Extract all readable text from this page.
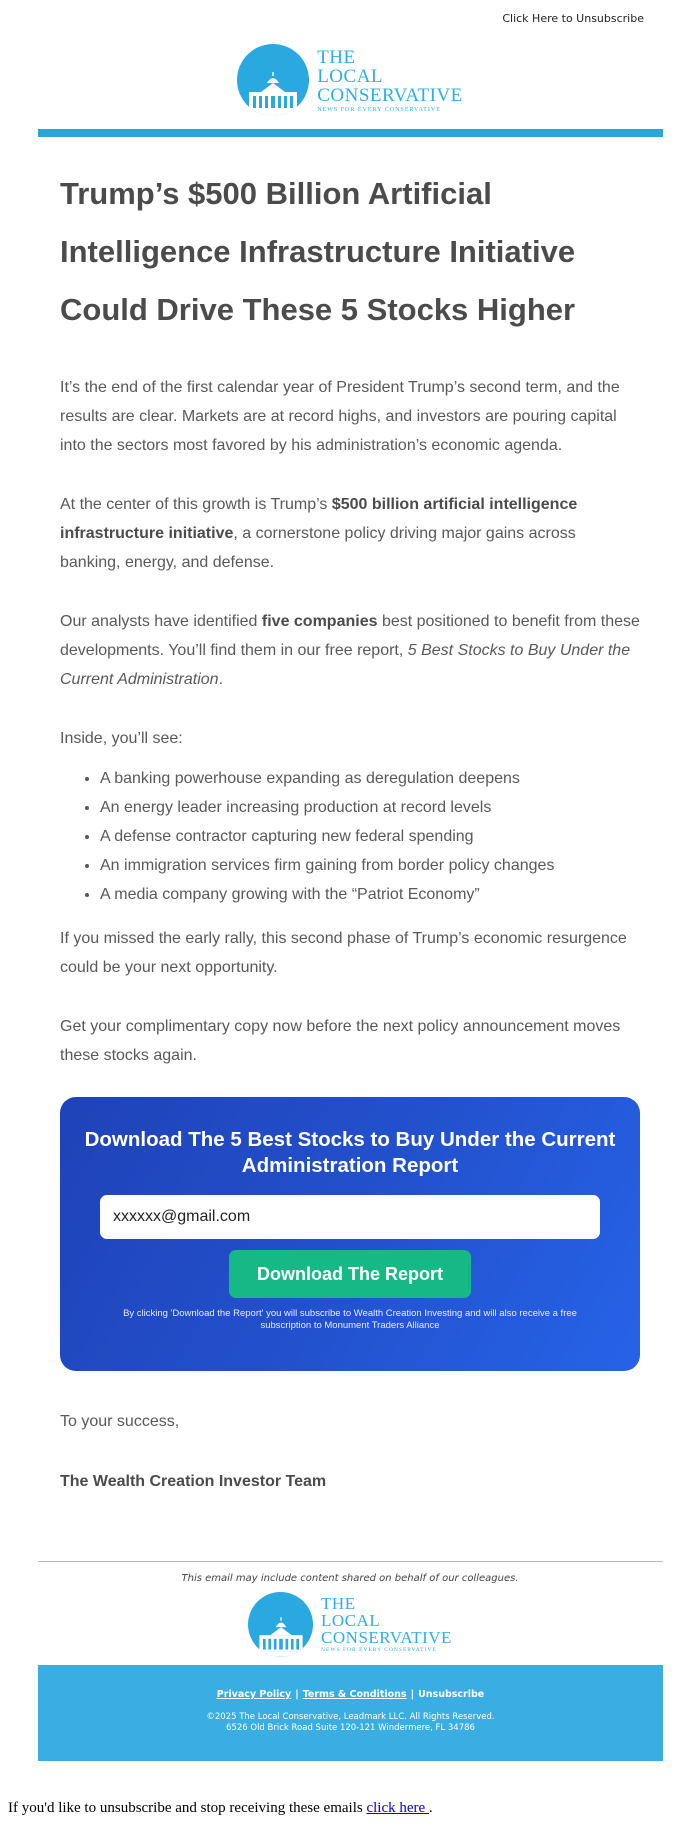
Click Here to Unsubscribe
THE
LOCAL
CONSERVATIVE
NEWS FOR EVERY CONSERVATIVE
Trump’s $500 Billion Artificial Intelligence Infrastructure Initiative Could Drive These 5 Stocks Higher

It’s the end of the first calendar year of President Trump’s second term, and the results are clear. Markets are at record highs, and investors are pouring capital into the sectors most favored by his administration’s economic agenda.

At the center of this growth is Trump’s $500 billion artificial intelligence infrastructure initiative, a cornerstone policy driving major gains across banking, energy, and defense.

Our analysts have identified five companies best positioned to benefit from these developments. You’ll find them in our free report, 5 Best Stocks to Buy Under the Current Administration.

Inside, you’ll see:

• A banking powerhouse expanding as deregulation deepens
• An energy leader increasing production at record levels
• A defense contractor capturing new federal spending
• An immigration services firm gaining from border policy changes
• A media company growing with the “Patriot Economy”

If you missed the early rally, this second phase of Trump’s economic resurgence could be your next opportunity.

Get your complimentary copy now before the next policy announcement moves these stocks again.

Download The 5 Best Stocks to Buy Under the Current Administration Report
xxxxxx@gmail.com
Download The Report
By clicking 'Download the Report' you will subscribe to Wealth Creation Investing and will also receive a free subscription to Monument Traders Alliance
To your success,
The Wealth Creation Investor Team
This email may include content shared on behalf of our colleagues.
THE
LOCAL
CONSERVATIVE
NEWS FOR EVERY CONSERVATIVE
Privacy Policy | Terms & Conditions | Unsubscribe
©2025 The Local Conservative, Leadmark LLC. All Rights Reserved.
6526 Old Brick Road Suite 120-121 Windermere, FL 34786
If you'd like to unsubscribe and stop receiving these emails click here .
